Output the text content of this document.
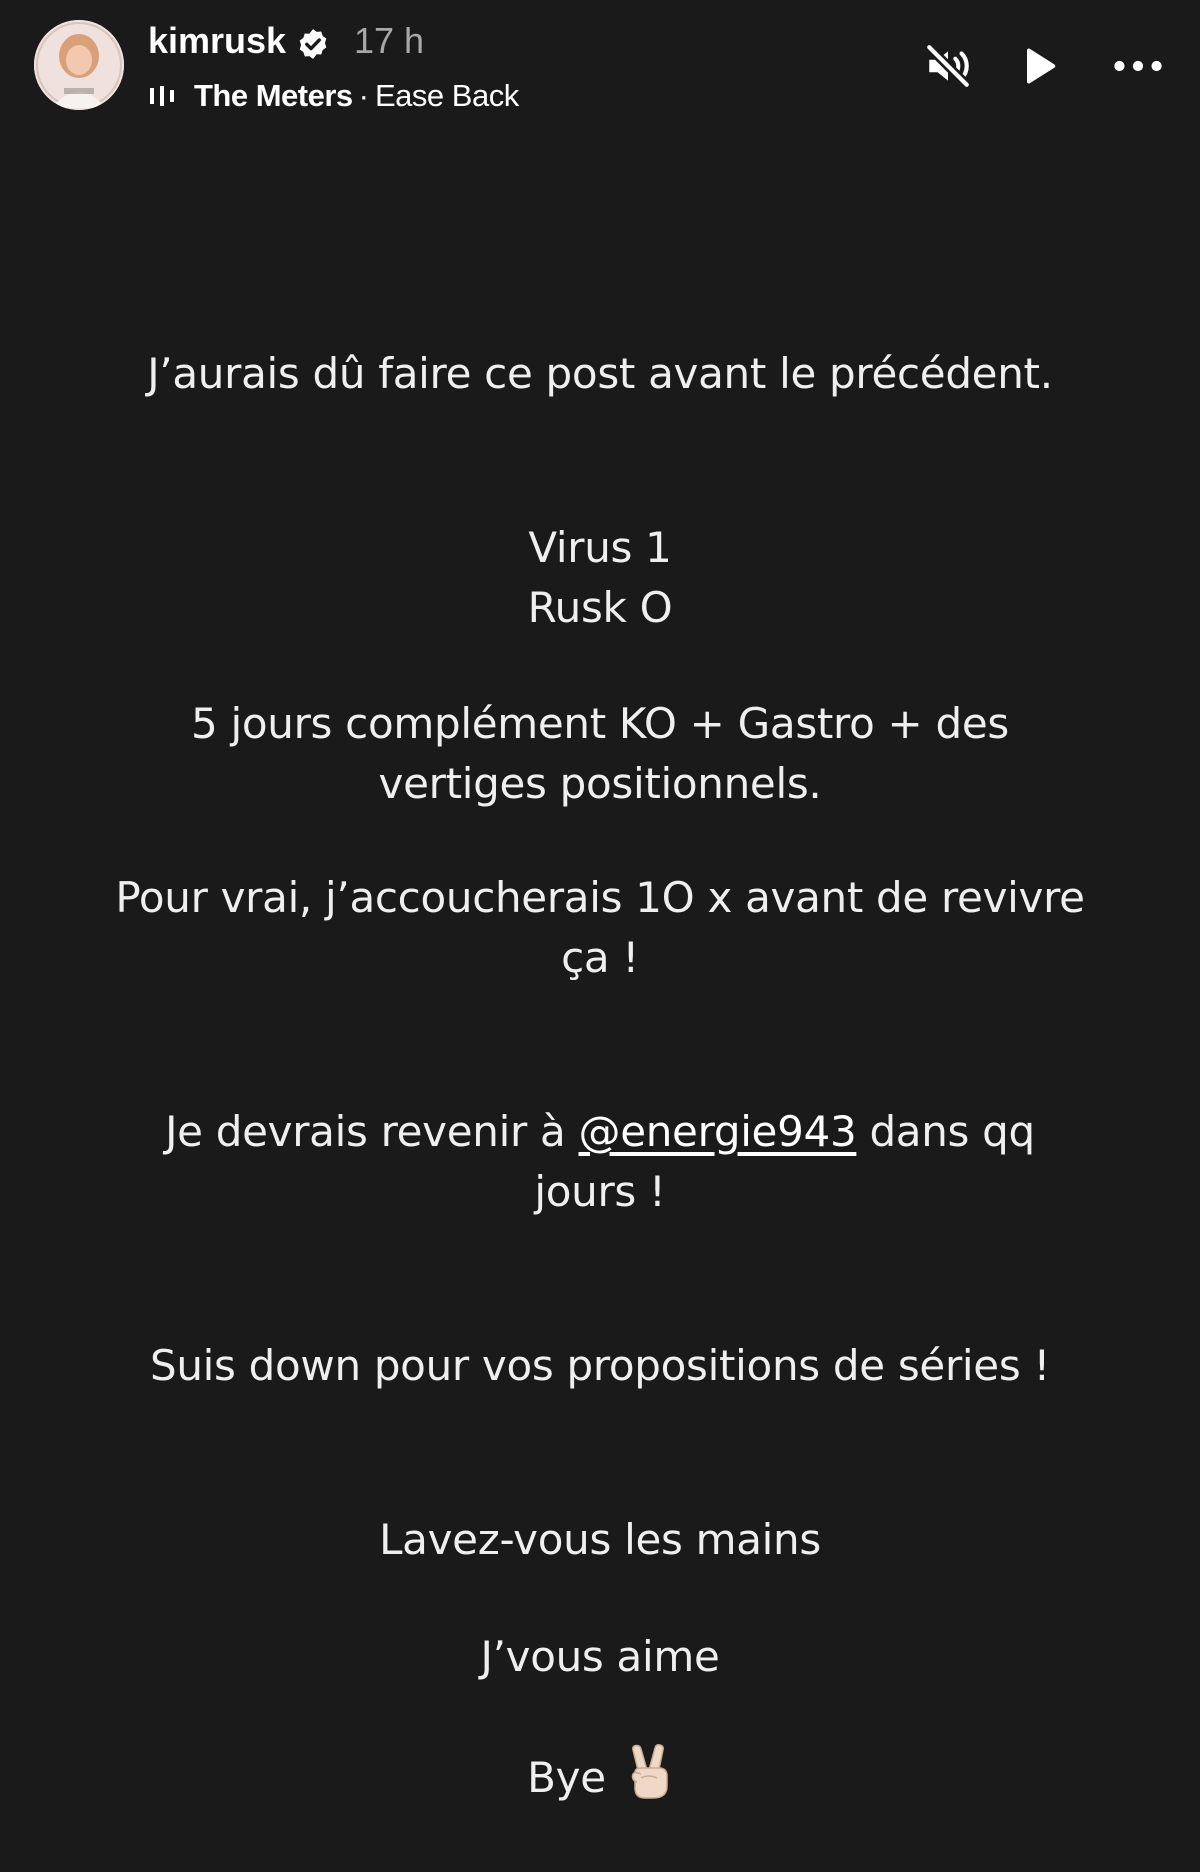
kimrusk 17 h
The Meters · Ease Back
J’aurais dû faire ce post avant le précédent.
Virus 1
Rusk O
5 jours complément KO + Gastro + des
vertiges positionnels.
Pour vrai, j’accoucherais 1O x avant de revivre
ça !
Je devrais revenir à @energie943 dans qq
jours !
Suis down pour vos propositions de séries !
Lavez-vous les mains
J’vous aime
Bye
